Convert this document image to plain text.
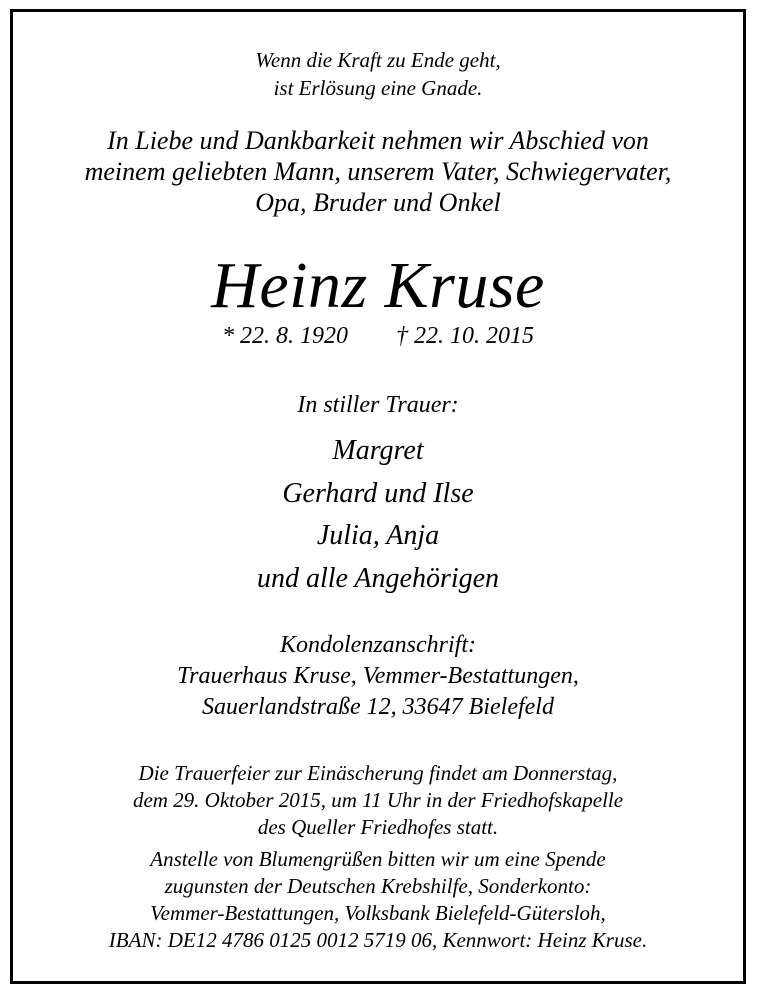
Wenn die Kraft zu Ende geht,
ist Erlösung eine Gnade.
In Liebe und Dankbarkeit nehmen wir Abschied von
meinem geliebten Mann, unserem Vater, Schwiegervater,
Opa, Bruder und Onkel
Heinz Kruse
* 22. 8. 1920 † 22. 10. 2015
In stiller Trauer:
Margret
Gerhard und Ilse
Julia, Anja
und alle Angehörigen
Kondolenzanschrift:
Trauerhaus Kruse, Vemmer-Bestattungen,
Sauerlandstraße 12, 33647 Bielefeld
Die Trauerfeier zur Einäscherung findet am Donnerstag,
dem 29. Oktober 2015, um 11 Uhr in der Friedhofskapelle
des Queller Friedhofes statt.
Anstelle von Blumengrüßen bitten wir um eine Spende
zugunsten der Deutschen Krebshilfe, Sonderkonto:
Vemmer-Bestattungen, Volksbank Bielefeld-Gütersloh,
IBAN: DE12 4786 0125 0012 5719 06, Kennwort: Heinz Kruse.
